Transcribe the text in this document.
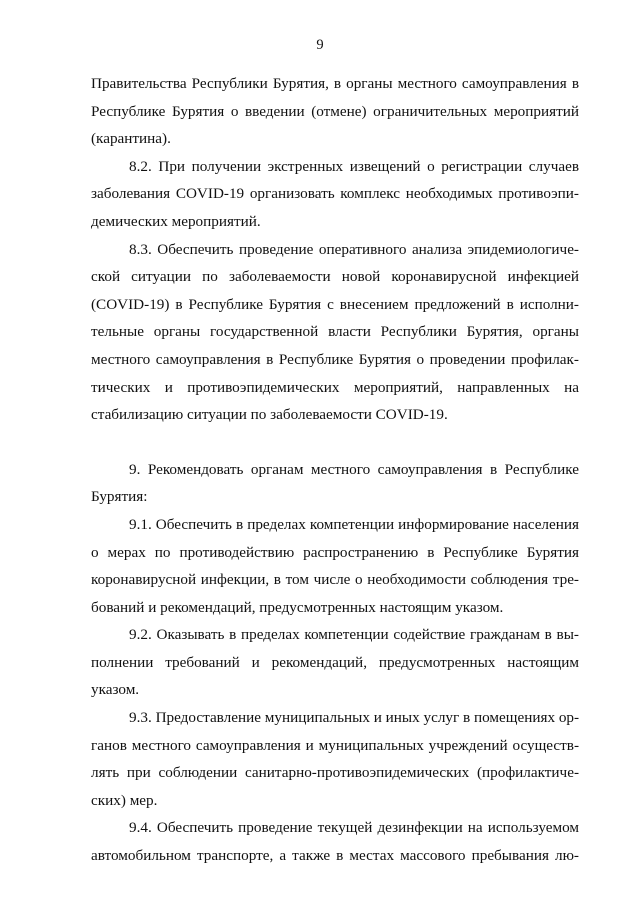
9
Правительства Республики Бурятия, в органы местного самоуправления в
Республике Бурятия о введении (отмене) ограничительных мероприятий
(карантина).
8.2. При получении экстренных извещений о регистрации случаев
заболевания COVID-19 организовать комплекс необходимых противоэпи-
демических мероприятий.
8.3. Обеспечить проведение оперативного анализа эпидемиологиче-
ской ситуации по заболеваемости новой коронавирусной инфекцией
(COVID-19) в Республике Бурятия с внесением предложений в исполни-
тельные органы государственной власти Республики Бурятия, органы
местного самоуправления в Республике Бурятия о проведении профилак-
тических и противоэпидемических мероприятий, направленных на
стабилизацию ситуации по заболеваемости COVID-19.
9. Рекомендовать органам местного самоуправления в Республике
Бурятия:
9.1. Обеспечить в пределах компетенции информирование населения
о мерах по противодействию распространению в Республике Бурятия
коронавирусной инфекции, в том числе о необходимости соблюдения тре-
бований и рекомендаций, предусмотренных настоящим указом.
9.2. Оказывать в пределах компетенции содействие гражданам в вы-
полнении требований и рекомендаций, предусмотренных настоящим
указом.
9.3. Предоставление муниципальных и иных услуг в помещениях ор-
ганов местного самоуправления и муниципальных учреждений осуществ-
лять при соблюдении санитарно-противоэпидемических (профилактиче-
ских) мер.
9.4. Обеспечить проведение текущей дезинфекции на используемом
автомобильном транспорте, а также в местах массового пребывания лю-
